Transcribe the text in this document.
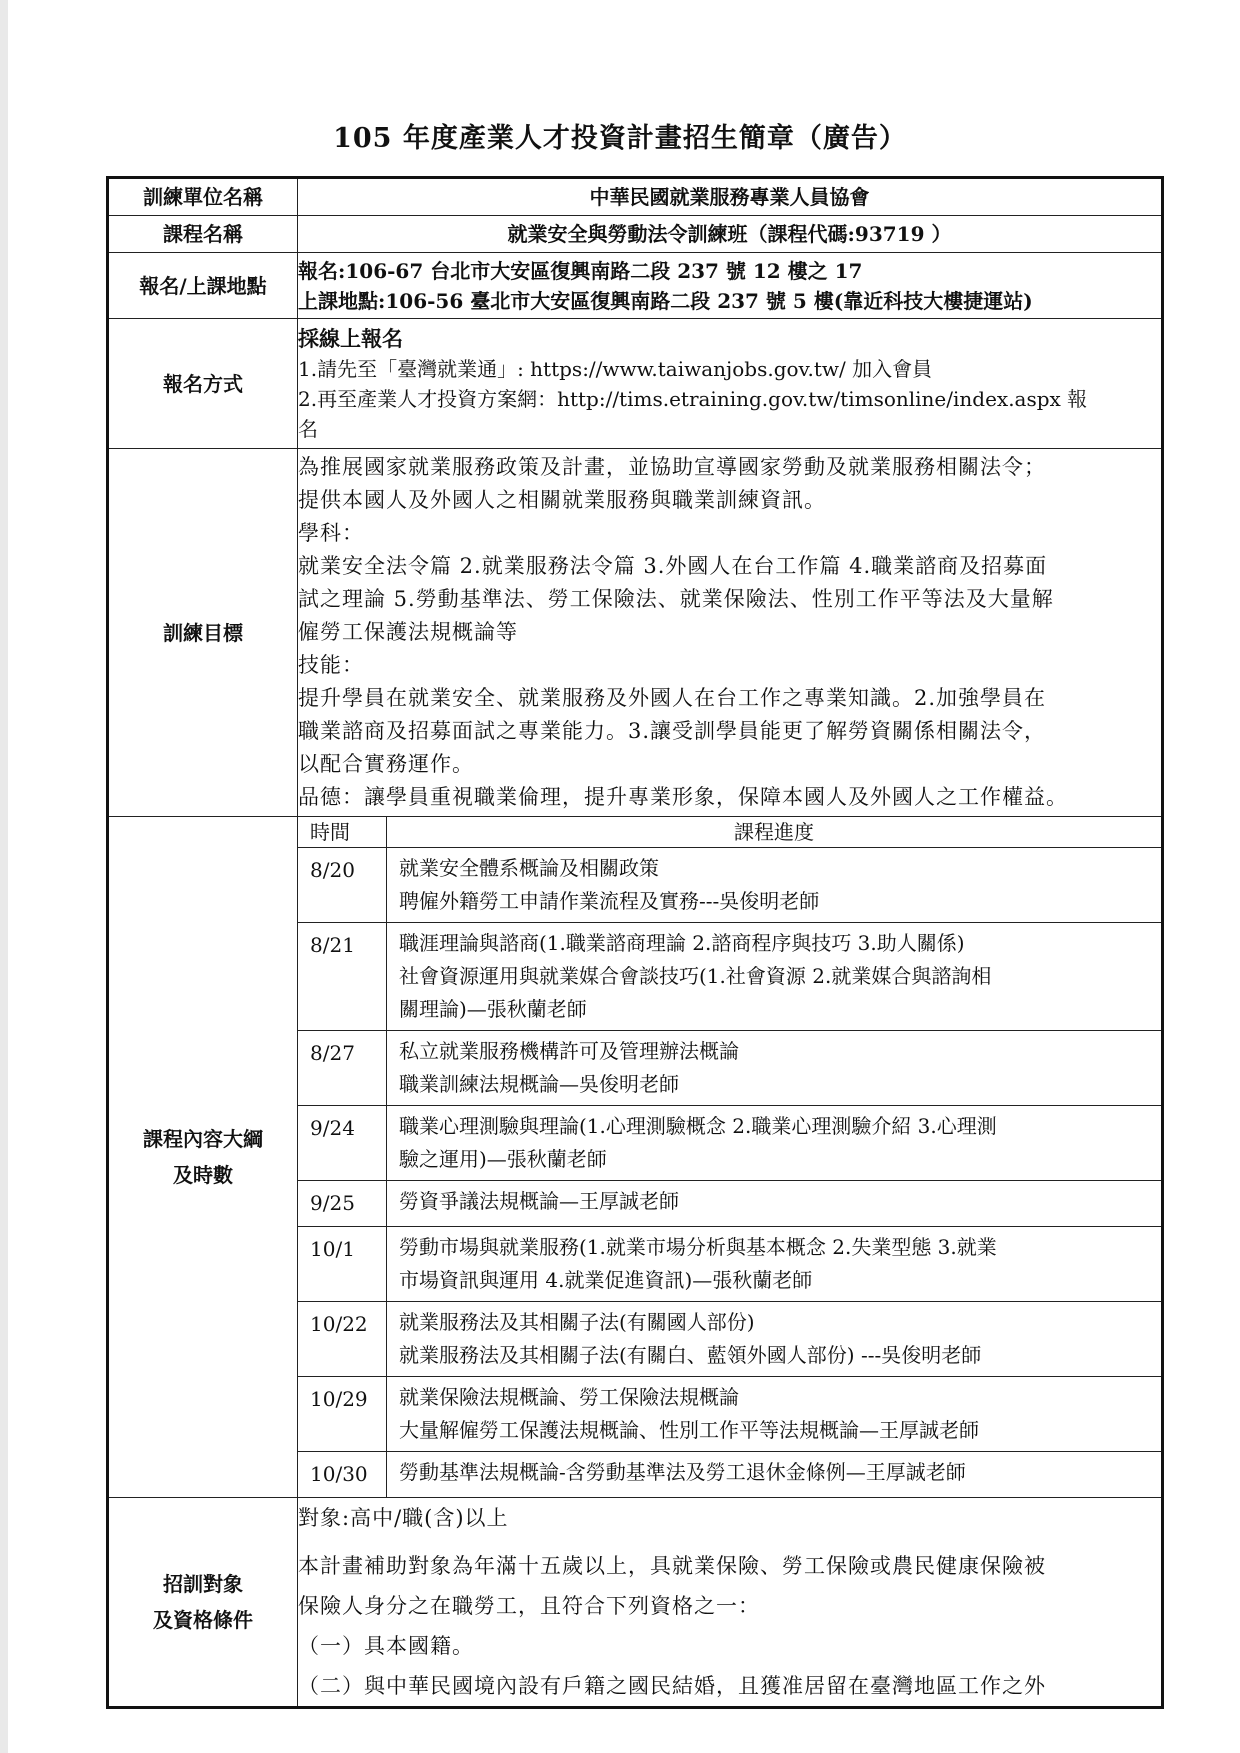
105 年度產業人才投資計畫招生簡章（廣告）
訓練單位名稱	中華民國就業服務專業人員協會
課程名稱	就業安全與勞動法令訓練班（課程代碼:93719 ）
報名/上課地點	
報名:106-67 台北市大安區復興南路二段 237 號 12 樓之 17
上課地點:106-56 臺北市大安區復興南路二段 237 號 5 樓(靠近科技大樓捷運站)

報名方式	
採線上報名
1.請先至「臺灣就業通」: https://www.taiwanjobs.gov.tw/ 加入會員
2.再至產業人才投資方案網：http://tims.etraining.gov.tw/timsonline/index.aspx 報
名

訓練目標	
為推展國家就業服務政策及計畫，並協助宣導國家勞動及就業服務相關法令；
提供本國人及外國人之相關就業服務與職業訓練資訊。
學科：
就業安全法令篇 2.就業服務法令篇 3.外國人在台工作篇 4.職業諮商及招募面
試之理論 5.勞動基準法、勞工保險法、就業保險法、性別工作平等法及大量解
僱勞工保護法規概論等
技能：
提升學員在就業安全、就業服務及外國人在台工作之專業知識。2.加強學員在
職業諮商及招募面試之專業能力。3.讓受訓學員能更了解勞資關係相關法令，
以配合實務運作。
品德：讓學員重視職業倫理，提升專業形象，保障本國人及外國人之工作權益。

課程內容大綱
及時數

時間	課程進度
8/20	就業安全體系概論及相關政策
聘僱外籍勞工申請作業流程及實務---吳俊明老師

8/21	職涯理論與諮商(1.職業諮商理論 2.諮商程序與技巧 3.助人關係)
社會資源運用與就業媒合會談技巧(1.社會資源 2.就業媒合與諮詢相
關理論)—張秋蘭老師

8/27	私立就業服務機構許可及管理辦法概論
職業訓練法規概論—吳俊明老師

9/24	職業心理測驗與理論(1.心理測驗概念 2.職業心理測驗介紹 3.心理測
驗之運用)—張秋蘭老師

9/25	勞資爭議法規概論—王厚誠老師

10/1	勞動市場與就業服務(1.就業市場分析與基本概念 2.失業型態 3.就業
市場資訊與運用 4.就業促進資訊)—張秋蘭老師

10/22	就業服務法及其相關子法(有關國人部份)
就業服務法及其相關子法(有關白、藍領外國人部份) ---吳俊明老師

10/29	就業保險法規概論、勞工保險法規概論
大量解僱勞工保護法規概論、性別工作平等法規概論—王厚誠老師

10/30	勞動基準法規概論-含勞動基準法及勞工退休金條例—王厚誠老師

招訓對象
及資格條件

對象:高中/職(含)以上
本計畫補助對象為年滿十五歲以上，具就業保險、勞工保險或農民健康保險被
保險人身分之在職勞工，且符合下列資格之一：
（一）具本國籍。
（二）與中華民國境內設有戶籍之國民結婚，且獲准居留在臺灣地區工作之外
